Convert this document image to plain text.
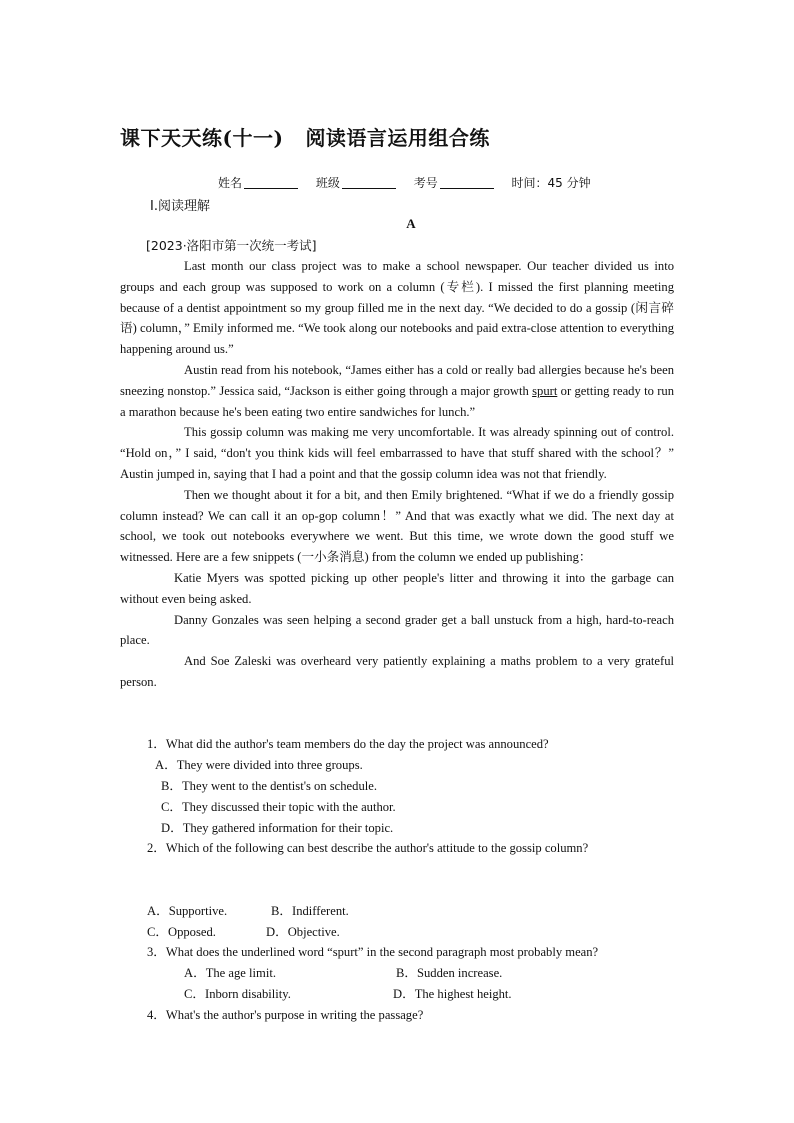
课下天天练(十一) 阅读语言运用组合练
姓名	班级	考号	时间：45 分钟
Ⅰ.阅读理解
A
[2023·洛阳市第一次统一考试]

Last month our class project was to make a school newspaper. Our teacher divided us into groups and each group was supposed to work on a column (专栏). I missed the first planning meeting because of a dentist appointment so my group filled me in the next day. “We decided to do a gossip (闲言碎语) column，” Emily informed me. “We took along our notebooks and paid extra-close attention to everything happening around us.”

Austin read from his notebook, “James either has a cold or really bad allergies because he's been sneezing nonstop.” Jessica said, “Jackson is either going through a major growth spurt or getting ready to run a marathon because he's been eating two entire sandwiches for lunch.”

This gossip column was making me very uncomfortable. It was already spinning out of control. “Hold on，” I said, “don't you think kids will feel embarrassed to have that stuff shared with the school？” Austin jumped in, saying that I had a point and that the gossip column idea was not that friendly.

Then we thought about it for a bit, and then Emily brightened. “What if we do a friendly gossip column instead? We can call it an op-gop column！” And that was exactly what we did. The next day at school, we took out notebooks everywhere we went. But this time, we wrote down the good stuff we witnessed. Here are a few snippets (一小条消息) from the column we ended up publishing：

Katie Myers was spotted picking up other people's litter and throwing it into the garbage can without even being asked.

Danny Gonzales was seen helping a second grader get a ball unstuck from a high, hard-to-reach place.

And Soe Zaleski was overheard very patiently explaining a maths problem to a very grateful person.

1．What did the author's team members do the day the project was announced?
A．They were divided into three groups.
B．They went to the dentist's on schedule.
C．They discussed their topic with the author.
D．They gathered information for their topic.
2．Which of the following can best describe the author's attitude to the gossip column?
A．Supportive.	B．Indifferent.
C．Opposed.	D．Objective.
3．What does the underlined word “spurt” in the second paragraph most probably mean?
A．The age limit.	B．Sudden increase.
C．Inborn disability.	D．The highest height.
4．What's the author's purpose in writing the passage?
